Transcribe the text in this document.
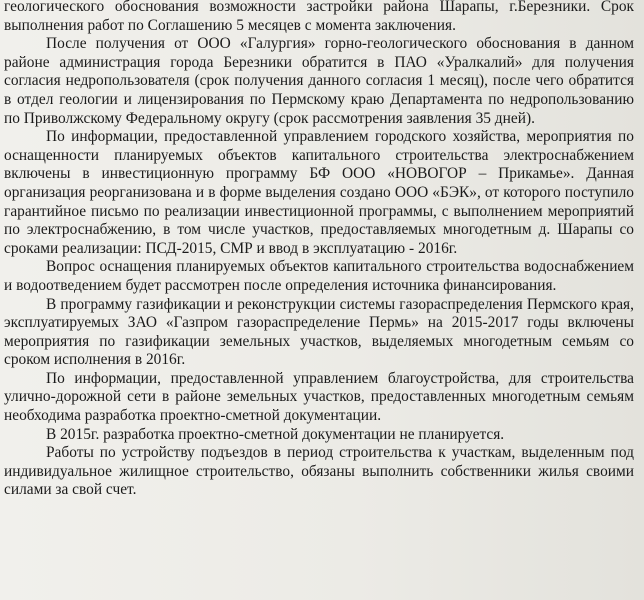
геологического обоснования возможности застройки района Шарапы, г.Березники. Срок выполнения работ по Соглашению 5 месяцев с момента заключения.

После получения от ООО «Галургия» горно-геологического обоснования в данном районе администрация города Березники обратится в ПАО «Уралкалий» для получения согласия недропользователя (срок получения данного согласия 1 месяц), после чего обратится в отдел геологии и лицензирования по Пермскому краю Департамента по недропользованию по Приволжскому Федеральному округу (срок рассмотрения заявления 35 дней).

По информации, предоставленной управлением городского хозяйства, мероприятия по оснащенности планируемых объектов капитального строительства электроснабжением включены в инвестиционную программу БФ ООО «НОВОГОР – Прикамье». Данная организация реорганизована и в форме выделения создано ООО «БЭК», от которого поступило гарантийное письмо по реализации инвестиционной программы, с выполнением мероприятий по электроснабжению, в том числе участков, предоставляемых многодетным д. Шарапы со сроками реализации: ПСД-2015, СМР и ввод в эксплуатацию - 2016г.

Вопрос оснащения планируемых объектов капитального строительства водоснабжением и водоотведением будет рассмотрен после определения источника финансирования.

В программу газификации и реконструкции системы газораспределения Пермского края, эксплуатируемых ЗАО «Газпром газораспределение Пермь» на 2015-2017 годы включены мероприятия по газификации земельных участков, выделяемых многодетным семьям со сроком исполнения в 2016г.

По информации, предоставленной управлением благоустройства, для строительства улично-дорожной сети в районе земельных участков, предоставленных многодетным семьям необходима разработка проектно-сметной документации.

В 2015г. разработка проектно-сметной документации не планируется.

Работы по устройству подъездов в период строительства к участкам, выделенным под индивидуальное жилищное строительство, обязаны выполнить собственники жилья своими силами за свой счет.
